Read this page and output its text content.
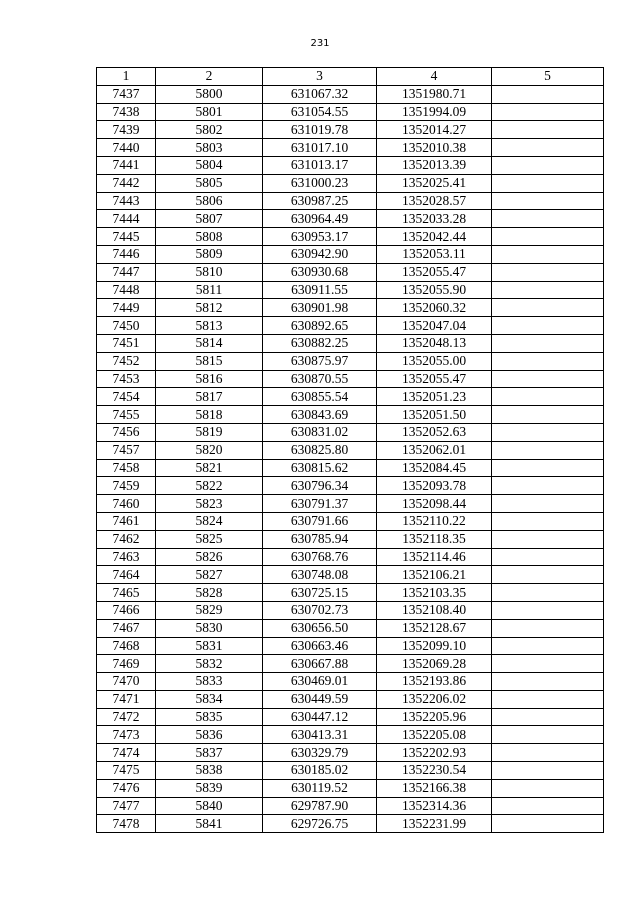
231
1	2	3	4	5
7437	5800	631067.32	1351980.71	
7438	5801	631054.55	1351994.09	
7439	5802	631019.78	1352014.27	
7440	5803	631017.10	1352010.38	
7441	5804	631013.17	1352013.39	
7442	5805	631000.23	1352025.41	
7443	5806	630987.25	1352028.57	
7444	5807	630964.49	1352033.28	
7445	5808	630953.17	1352042.44	
7446	5809	630942.90	1352053.11	
7447	5810	630930.68	1352055.47	
7448	5811	630911.55	1352055.90	
7449	5812	630901.98	1352060.32	
7450	5813	630892.65	1352047.04	
7451	5814	630882.25	1352048.13	
7452	5815	630875.97	1352055.00	
7453	5816	630870.55	1352055.47	
7454	5817	630855.54	1352051.23	
7455	5818	630843.69	1352051.50	
7456	5819	630831.02	1352052.63	
7457	5820	630825.80	1352062.01	
7458	5821	630815.62	1352084.45	
7459	5822	630796.34	1352093.78	
7460	5823	630791.37	1352098.44	
7461	5824	630791.66	1352110.22	
7462	5825	630785.94	1352118.35	
7463	5826	630768.76	1352114.46	
7464	5827	630748.08	1352106.21	
7465	5828	630725.15	1352103.35	
7466	5829	630702.73	1352108.40	
7467	5830	630656.50	1352128.67	
7468	5831	630663.46	1352099.10	
7469	5832	630667.88	1352069.28	
7470	5833	630469.01	1352193.86	
7471	5834	630449.59	1352206.02	
7472	5835	630447.12	1352205.96	
7473	5836	630413.31	1352205.08	
7474	5837	630329.79	1352202.93	
7475	5838	630185.02	1352230.54	
7476	5839	630119.52	1352166.38	
7477	5840	629787.90	1352314.36	
7478	5841	629726.75	1352231.99	
